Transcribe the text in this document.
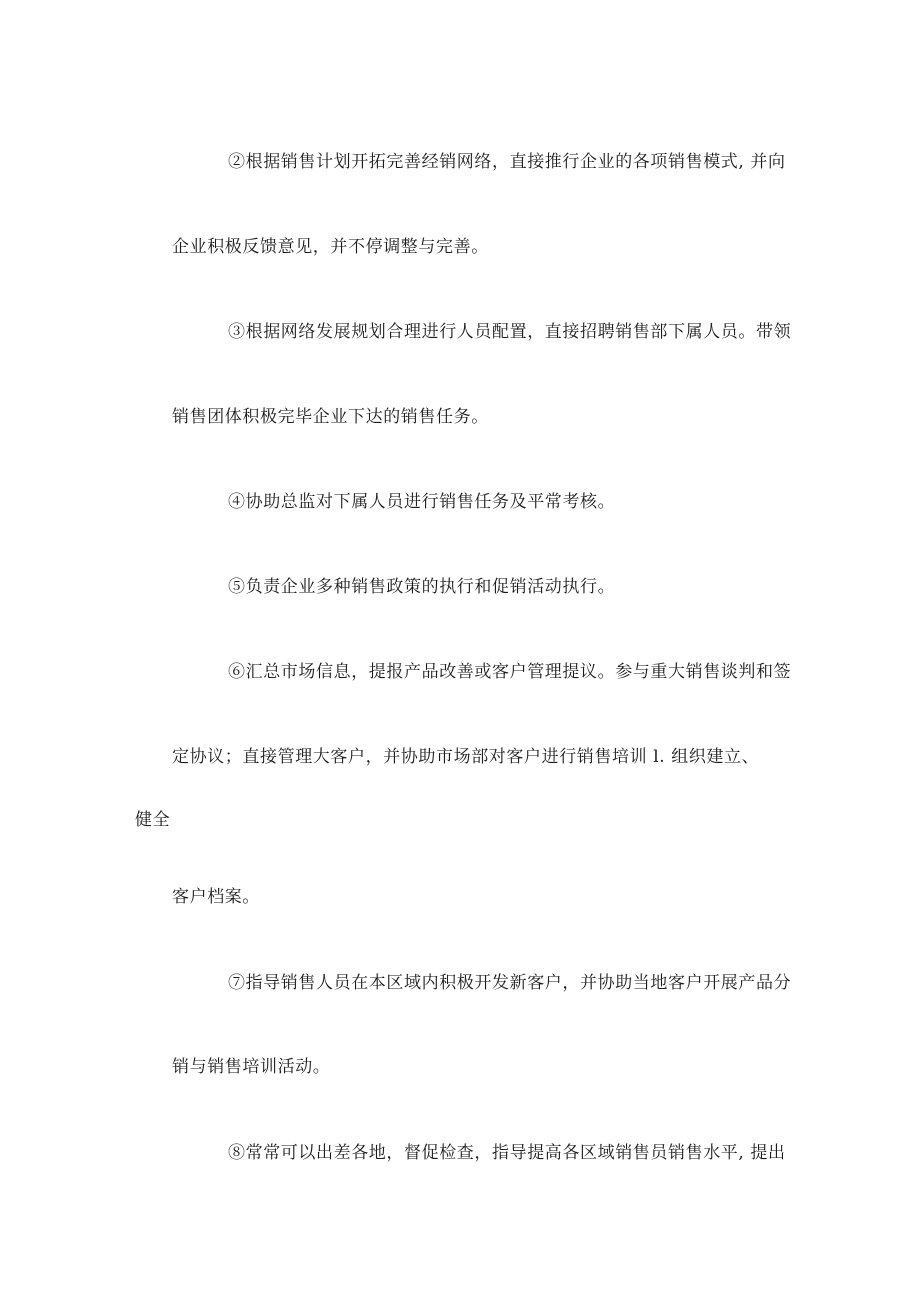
②根据销售计划开拓完善经销网络，直接推行企业的各项销售模式, 并向
企业积极反馈意见，并不停调整与完善。
③根据网络发展规划合理进行人员配置，直接招聘销售部下属人员。带领
销售团体积极完毕企业下达的销售任务。
④协助总监对下属人员进行销售任务及平常考核。
⑤负责企业多种销售政策的执行和促销活动执行。
⑥汇总市场信息，提报产品改善或客户管理提议。参与重大销售谈判和签
定协议；直接管理大客户，并协助市场部对客户进行销售培训 l. 组织建立、
健全
客户档案。
⑦指导销售人员在本区域内积极开发新客户，并协助当地客户开展产品分
销与销售培训活动。
⑧常常可以出差各地，督促检查，指导提高各区域销售员销售水平, 提出
